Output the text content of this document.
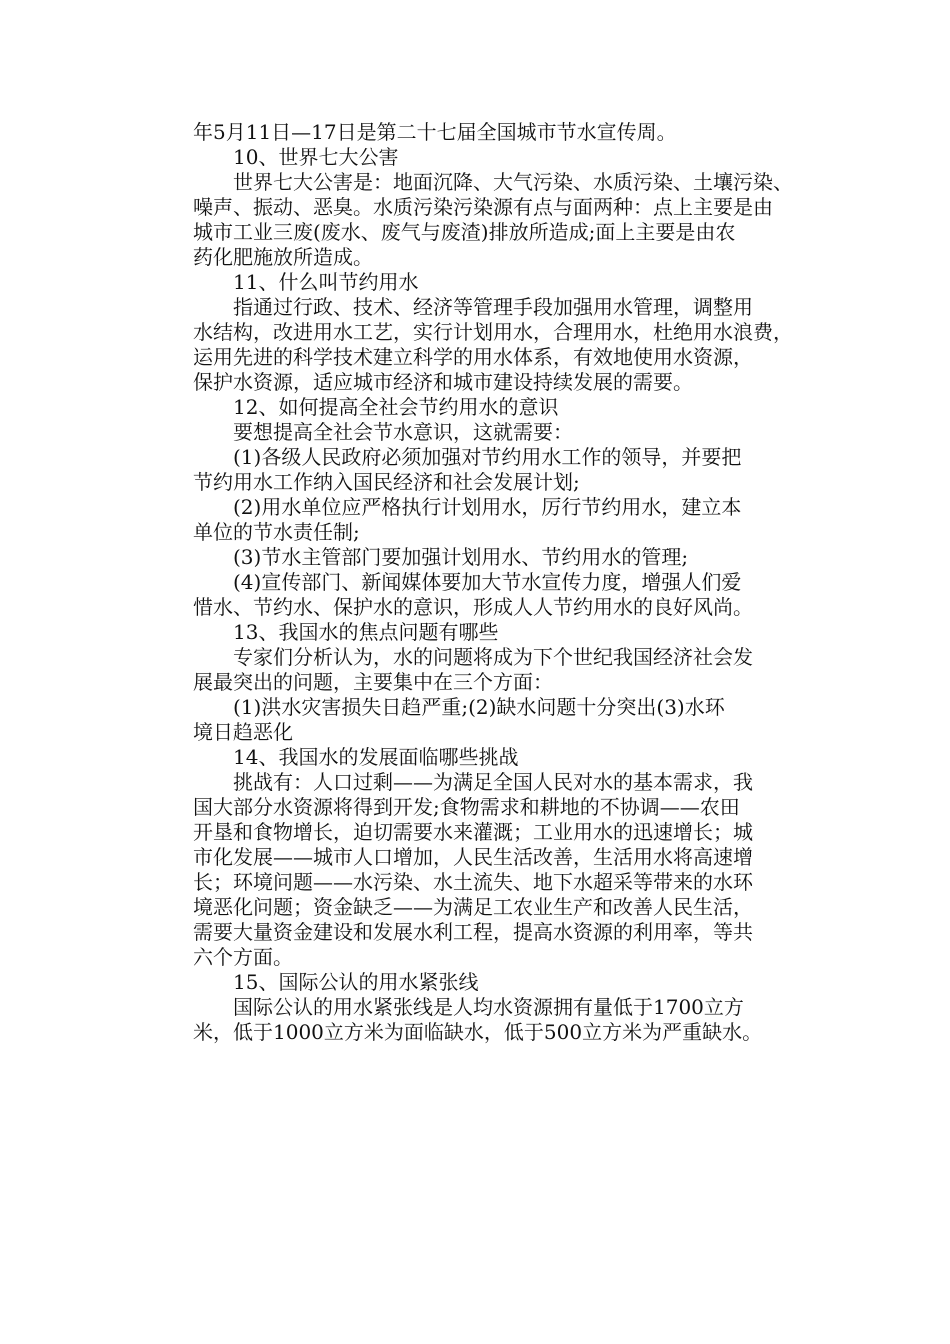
年5月11日—17日是第二十七届全国城市节水宣传周。
10、世界七大公害
世界七大公害是：地面沉降、大气污染、水质污染、土壤污染、
噪声、振动、恶臭。水质污染污染源有点与面两种：点上主要是由
城市工业三废(废水、废气与废渣)排放所造成;面上主要是由农
药化肥施放所造成。
11、什么叫节约用水
指通过行政、技术、经济等管理手段加强用水管理，调整用
水结构，改进用水工艺，实行计划用水，合理用水，杜绝用水浪费，
运用先进的科学技术建立科学的用水体系，有效地使用水资源，
保护水资源，适应城市经济和城市建设持续发展的需要。
12、如何提高全社会节约用水的意识
要想提高全社会节水意识，这就需要：
(1)各级人民政府必须加强对节约用水工作的领导，并要把
节约用水工作纳入国民经济和社会发展计划;
(2)用水单位应严格执行计划用水，厉行节约用水，建立本
单位的节水责任制;
(3)节水主管部门要加强计划用水、节约用水的管理;
(4)宣传部门、新闻媒体要加大节水宣传力度，增强人们爱
惜水、节约水、保护水的意识，形成人人节约用水的良好风尚。
13、我国水的焦点问题有哪些
专家们分析认为，水的问题将成为下个世纪我国经济社会发
展最突出的问题，主要集中在三个方面：
(1)洪水灾害损失日趋严重;(2)缺水问题十分突出(3)水环
境日趋恶化
14、我国水的发展面临哪些挑战
挑战有：人口过剩——为满足全国人民对水的基本需求，我
国大部分水资源将得到开发;食物需求和耕地的不协调——农田
开垦和食物增长，迫切需要水来灌溉；工业用水的迅速增长；城
市化发展——城市人口增加，人民生活改善，生活用水将高速增
长；环境问题——水污染、水土流失、地下水超采等带来的水环
境恶化问题；资金缺乏——为满足工农业生产和改善人民生活，
需要大量资金建设和发展水利工程，提高水资源的利用率，等共
六个方面。
15、国际公认的用水紧张线
国际公认的用水紧张线是人均水资源拥有量低于1700立方
米，低于1000立方米为面临缺水，低于500立方米为严重缺水。
